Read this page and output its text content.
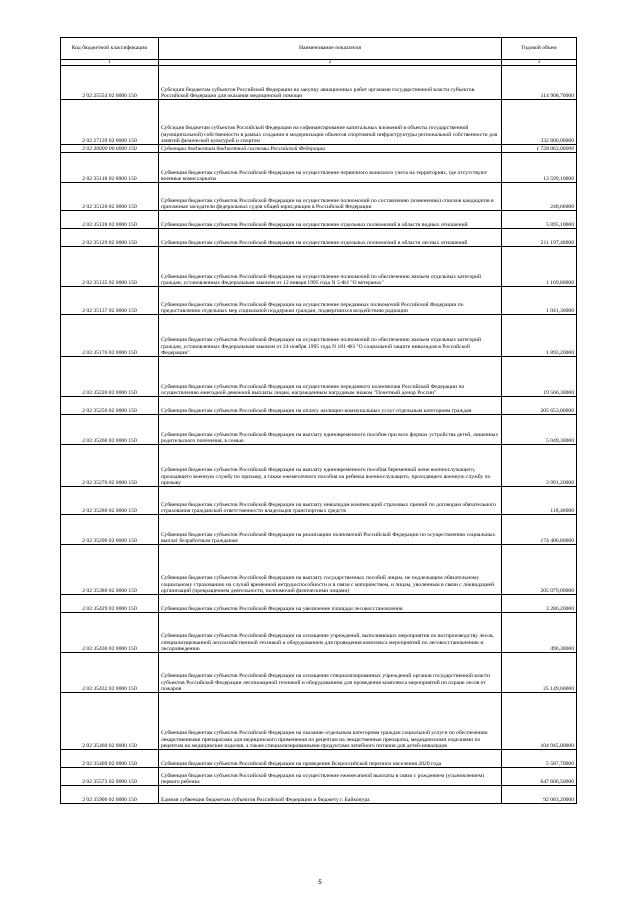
Код бюджетной классификации	Наименование показателя	Годовой объем
1	2	3
2 02 25554 02 0000 150	Субсидии бюджетам субъектов Российской Федерации на закупку авиационных работ органами государственной власти субъектов Российской Федерации для оказания медицинской помощи	114 908,70000
2 02 27139 02 0000 150	Субсидия бюджетам субъектов Российской Федерации на софинансирование капитальных вложений в объекты государственной (муниципальной) собственности в рамках создания и модернизации объектов спортивной инфраструктуры региональной собственности для занятий физической культурой и спортом	332 800,00000
2 02 30000 00 0000 150	Субвенции бюджетам бюджетной системы Российской Федерации	1 728 063,00000
2 02 35118 02 0000 150	Субвенция бюджетам субъектов Российской Федерации на осуществление первичного воинского учета на территориях, где отсутствуют военные комиссариаты	13 599,10000
2 02 35120 02 0000 150	Субвенция бюджетам субъектов Российской Федерации на осуществление полномочий по составлению (изменению) списков кандидатов в присяжные заседатели федеральных судов общей юрисдикции в Российской Федерации	248,60000
2 02 35128 02 0000 150	Субвенция бюджетам субъектов Российской Федерации на осуществление отдельных полномочий в области водных отношений	5 895,10000
2 02 35129 02 0000 150	Субвенция бюджетам субъектов Российской Федерации на осуществление отдельных полномочий в области лесных отношений	211 197,40000
2 02 35135 02 0000 150	Субвенция бюджетам субъектов Российской Федерации на осуществление полномочий по обеспечению жильем отдельных категорий граждан, установленных Федеральным законом от 12 января 1995 года N 5-ФЗ "О ветеранах"	1 169,80000
2 02 35137 02 0000 150	Субвенция бюджетам субъектов Российской Федерации на осуществление переданных полномочий Российской Федерации по предоставлению отдельных мер социальной поддержки граждан, подвергшихся воздействию радиации	1 041,30000
2 02 35176 02 0000 150	Субвенция бюджетам субъектов Российской Федерации на осуществление полномочий по обеспечению жильем отдельных категорий граждан, установленных Федеральным законом от 24 ноября 1995 года N 181-ФЗ "О социальной защите инвалидов в Российской Федерации"	1 893,20000
2 02 35220 02 0000 150	Субвенция бюджетам субъектов Российской Федерации на осуществление переданного полномочия Российской Федерации по осуществлению ежегодной денежной выплаты лицам, награжденным нагрудным знаком "Почетный донор России"	19 566,30000
2 02 35250 02 0000 150	Субвенция бюджетам субъектов Российской Федерации на оплату жилищно-коммунальных услуг отдельным категориям граждан	205 653,00000
2 02 35260 02 0000 150	Субвенция бюджетам субъектов Российской Федерации на выплату единовременного пособия при всех формах устройства детей, лишенных родительского попечения, в семью	5 049,30000
2 02 35270 02 0000 150	Субвенция бюджетам субъектов Российской Федерации на выплату единовременного пособия беременной жене военнослужащего, проходящего военную службу по призыву, а также ежемесячного пособия на ребенка военнослужащего, проходящего военную службу по призыву	3 991,20000
2 02 35280 02 0000 150	Субвенция бюджетам субъектов Российской Федерации на выплату инвалидам компенсаций страховых премий по договорам обязательного страхования гражданской ответственности владельцев транспортных средств	118,40000
2 02 35290 02 0000 150	Субвенция бюджетам субъектов Российской Федерации на реализацию полномочий Российской Федерации по осуществлению социальных выплат безработным гражданам	174 406,80000
2 02 35380 02 0000 150	Субвенция бюджетам субъектов Российской Федерации на выплату государственных пособий лицам, не подлежащим обязательному социальному страхованию на случай временной нетрудоспособности и в связи с материнством, и лицам, уволенным в связи с ликвидацией организаций (прекращением деятельности, полномочий физическими лицами)	205 079,00000
2 02 35429 02 0000 150	Субвенция бюджетам субъектов Российской Федерации на увеличение площади лесовосстановления	3 286,20000
2 02 35430 02 0000 150	Субвенция бюджетам субъектов Российской Федерации на оснащение учреждений, выполняющих мероприятия по воспроизводству лесов, специализированной лесохозяйственной техникой и оборудованием для проведения комплекса мероприятий по лесовосстановлению и лесоразведению	496,30000
2 02 35432 02 0000 150	Субвенция бюджетам субъектов Российской Федерации на оснащение специализированных учреждений органов государственной власти субъектов Российской Федерации лесопожарной техникой и оборудованием для проведения комплекса мероприятий по охране лесов от пожаров	25 149,60000
2 02 35460 02 0000 150	Субвенция бюджетам субъектов Российской Федерации на оказание отдельным категориям граждан социальной услуги по обеспечению лекарственными препаратами для медицинского применения по рецептам на лекарственные препараты, медицинскими изделиями по рецептам на медицинские изделия, а также специализированными продуктами лечебного питания для детей-инвалидов	104 945,00000
2 02 35469 02 0000 150	Субвенция бюджетам субъектов Российской Федерации на проведение Всероссийской переписи населения 2020 года	5 587,70000
2 02 35573 02 0000 150	Субвенция бюджетам субъектов Российской Федерации на осуществление ежемесячной выплаты в связи с рождением (усыновлением) первого ребенка	647 606,50000
2 02 35900 02 0000 150	Единая субвенция бюджетам субъектов Российской Федерации и бюджету г. Байконура	92 083,20000
5
